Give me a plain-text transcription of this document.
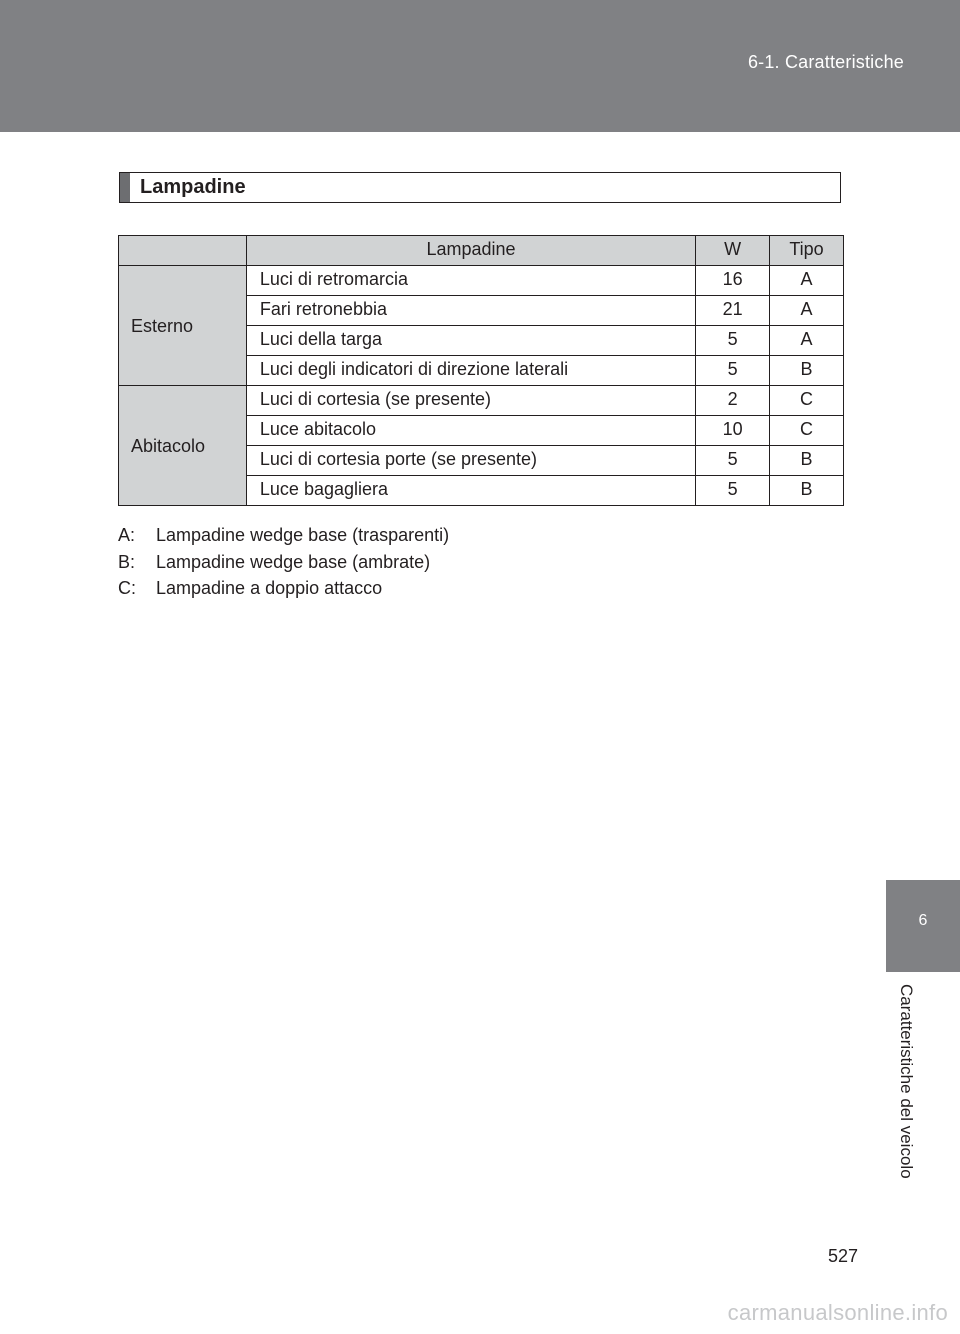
6-1. Caratteristiche
Lampadine
	Lampadine	W	Tipo
Esterno	Luci di retromarcia	16	A
	Fari retronebbia	21	A
	Luci della targa	5	A
	Luci degli indicatori di direzione laterali	5	B
Abitacolo	Luci di cortesia (se presente)	2	C
	Luce abitacolo	10	C
	Luci di cortesia porte (se presente)	5	B
	Luce bagagliera	5	B
A:	Lampadine wedge base (trasparenti)
B:	Lampadine wedge base (ambrate)
C:	Lampadine a doppio attacco
6
Caratteristiche del veicolo
527
carmanualsonline.info
